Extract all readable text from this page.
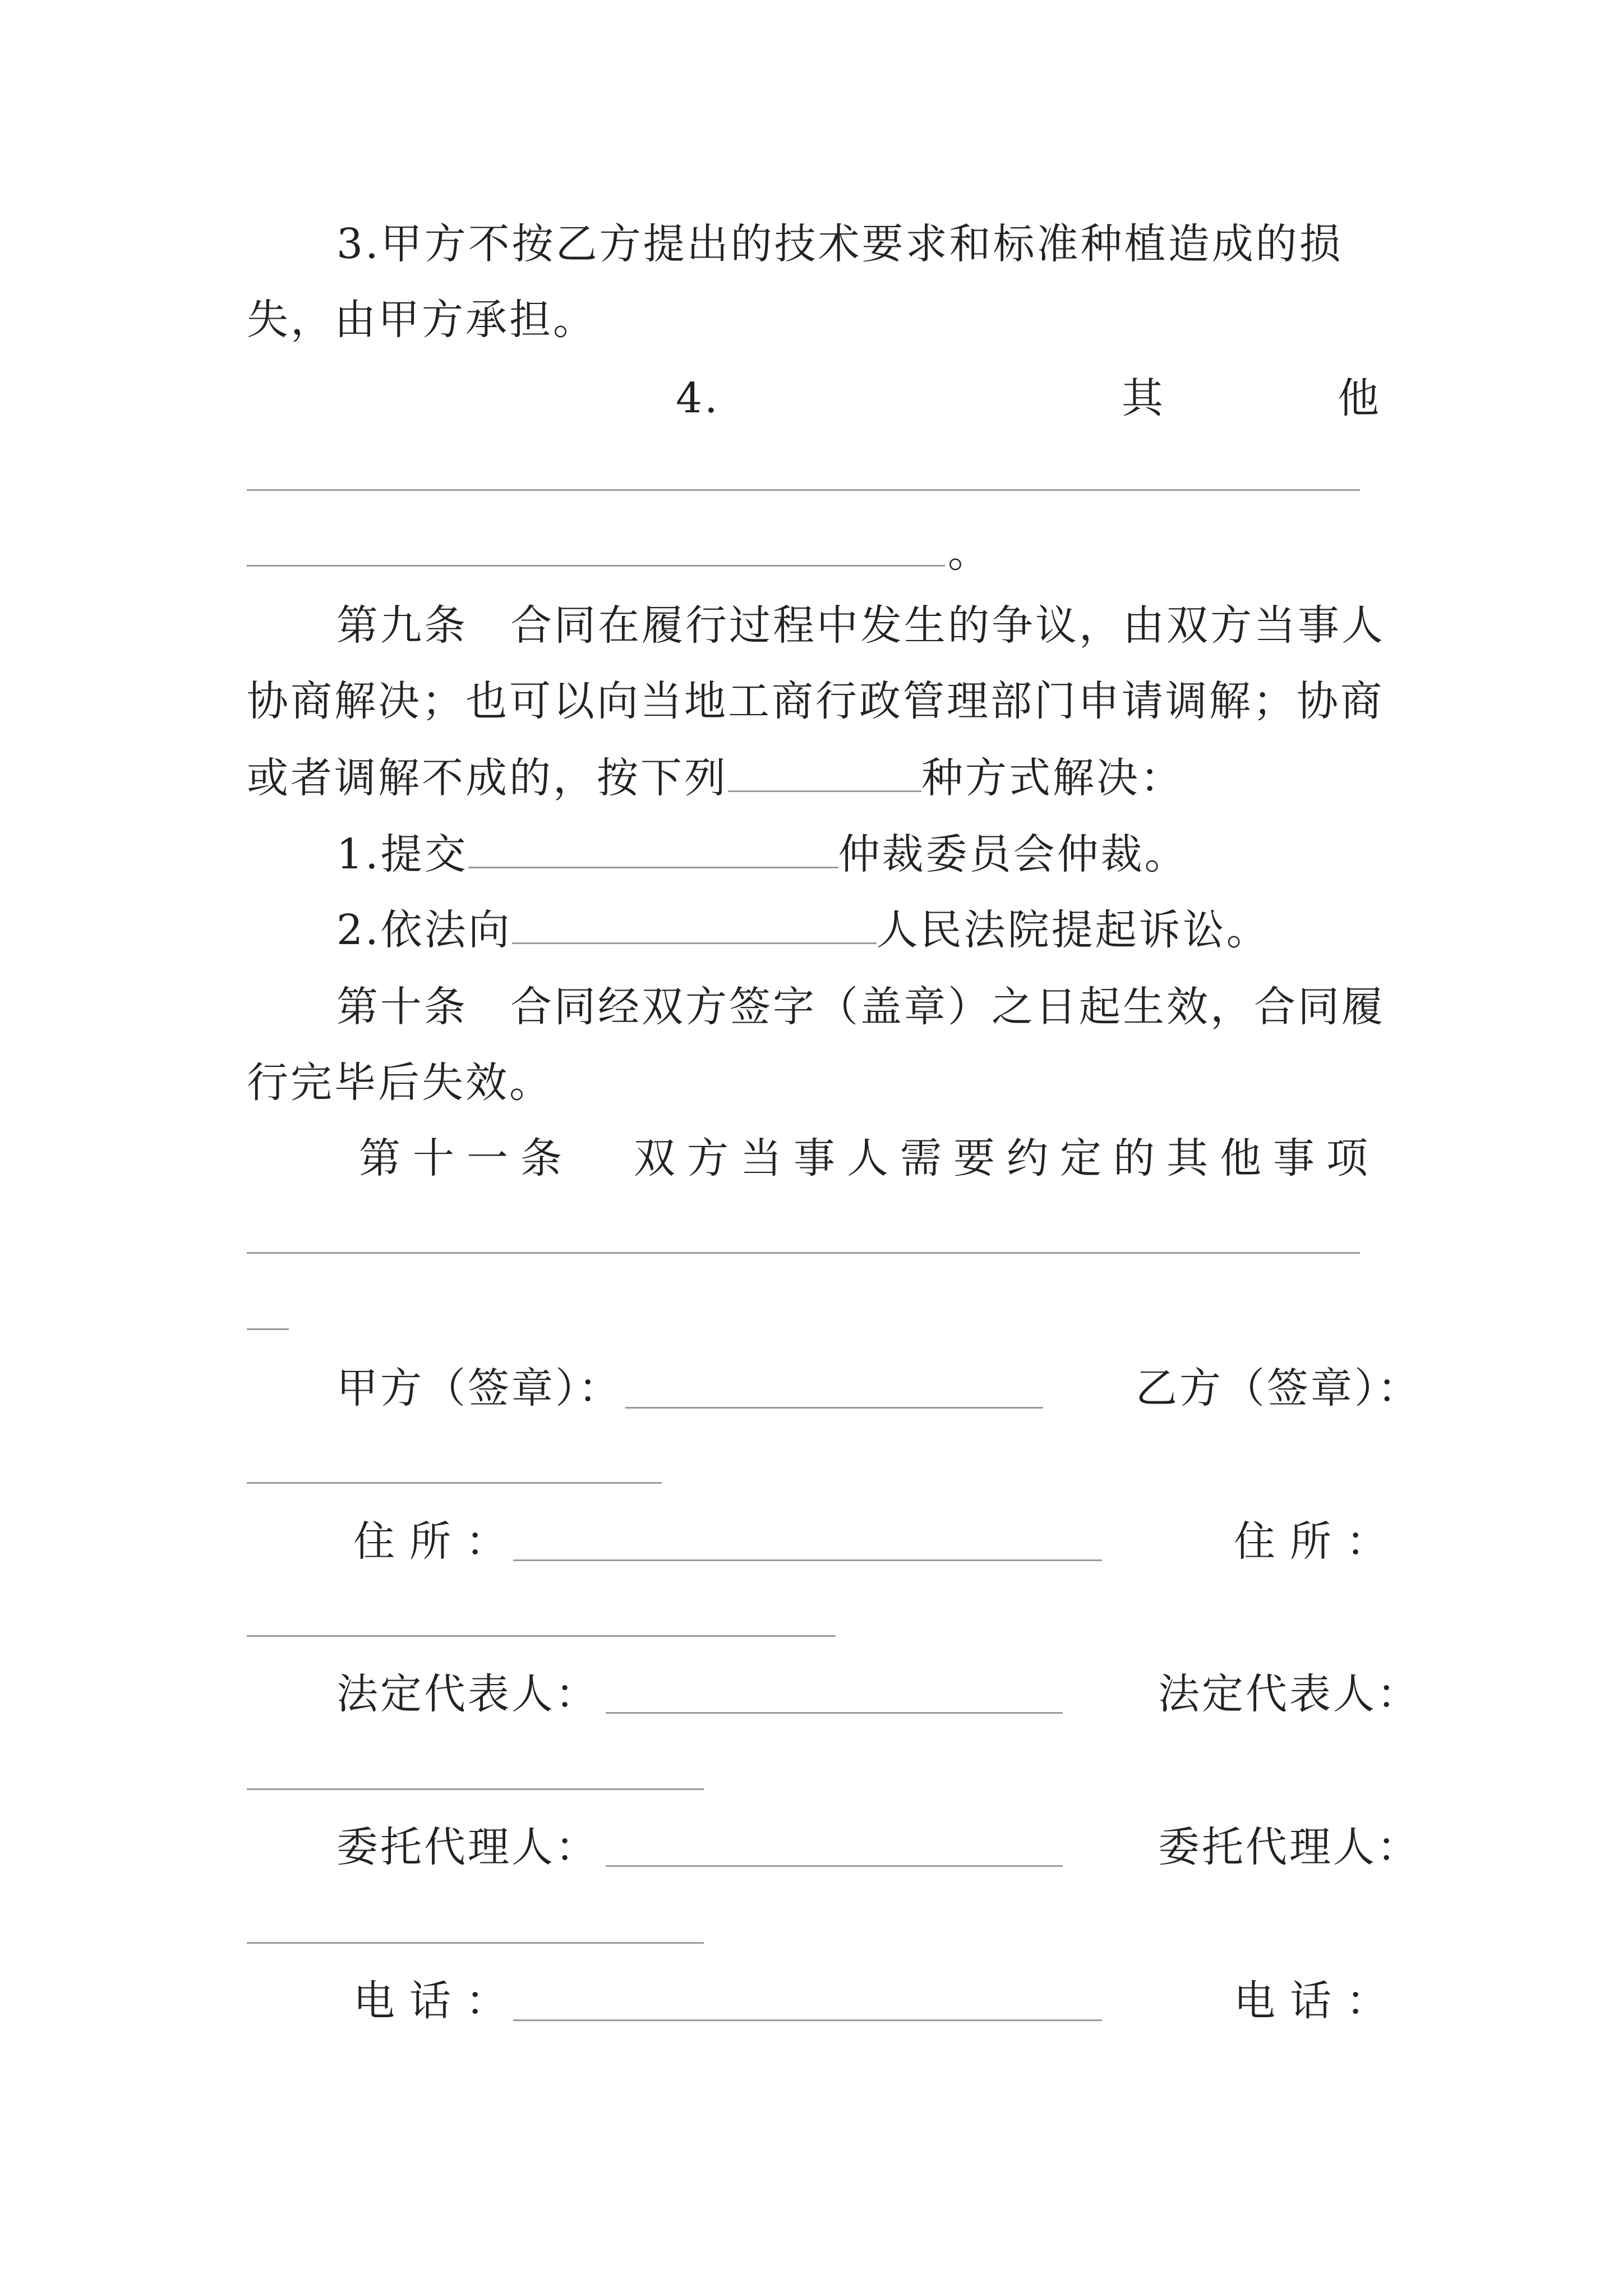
3.甲方不按乙方提出的技术要求和标准种植造成的损
失，由甲方承担。
4.	其	他
。
第九条 合同在履行过程中发生的争议，由双方当事人
协商解决；也可以向当地工商行政管理部门申请调解；协商
或者调解不成的，按下列	种方式解决：
1.提交	仲裁委员会仲裁。
2.依法向	人民法院提起诉讼。
第十条 合同经双方签字（盖章）之日起生效，合同履
行完毕后失效。
第十一条 双方当事人需要约定的其他事项
甲方（签章）：	乙方（签章）：
住所：	住所：
法定代表人：	法定代表人：
委托代理人：	委托代理人：
电话：	电话：
